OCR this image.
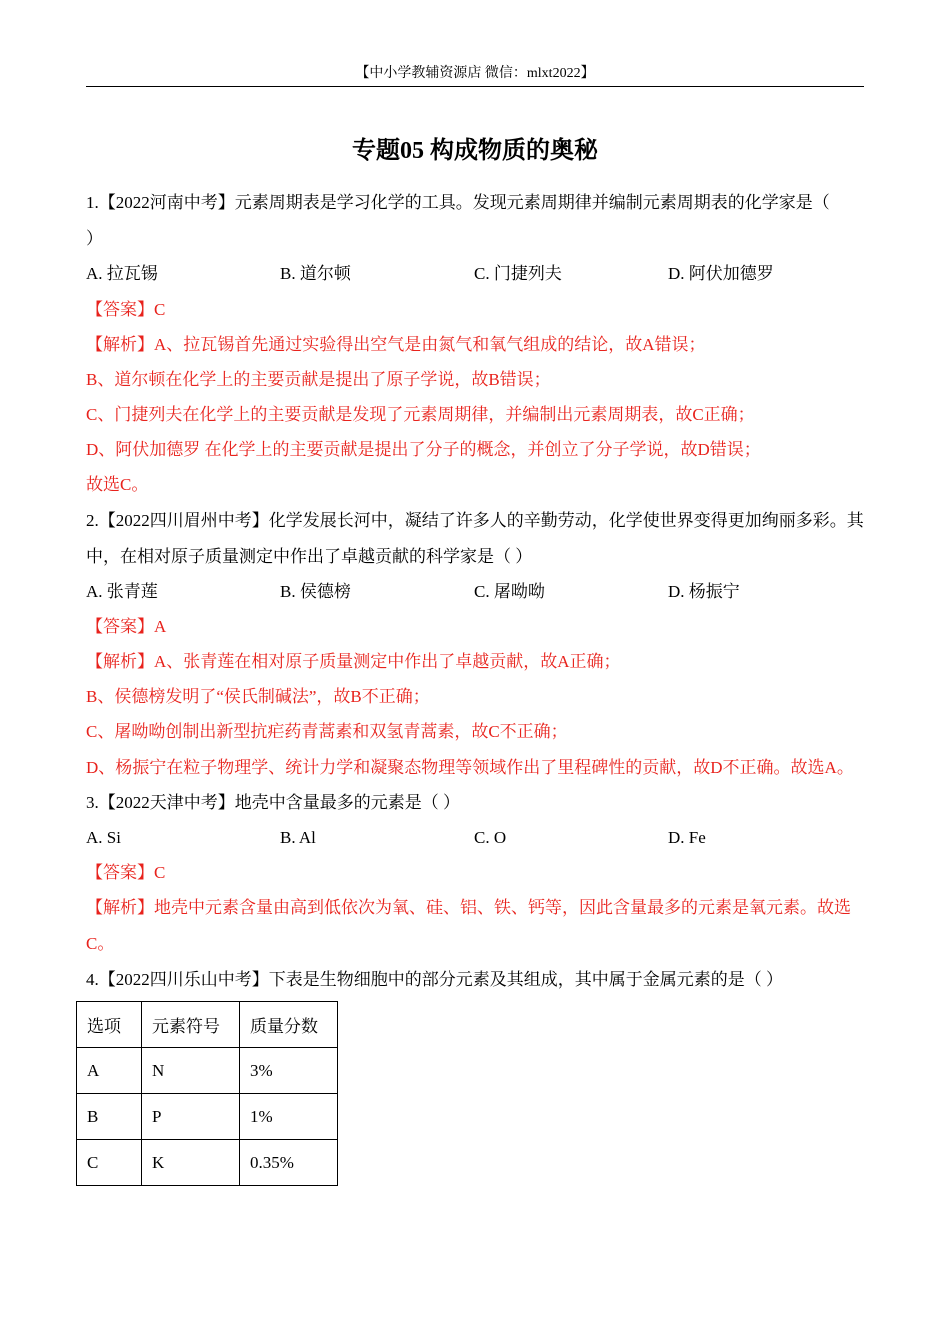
【中小学教辅资源店 微信：mlxt2022】
专题05 构成物质的奥秘
1.【2022河南中考】元素周期表是学习化学的工具。发现元素周期律并编制元素周期表的化学家是（
）
A. 拉瓦锡	B. 道尔顿	C. 门捷列夫	D. 阿伏加德罗
【答案】C
【解析】A、拉瓦锡首先通过实验得出空气是由氮气和氧气组成的结论，故A错误；
B、道尔顿在化学上的主要贡献是提出了原子学说，故B错误；
C、门捷列夫在化学上的主要贡献是发现了元素周期律，并编制出元素周期表，故C正确；
D、阿伏加德罗 在化学上的主要贡献是提出了分子的概念，并创立了分子学说，故D错误；
故选C。
2.【2022四川眉州中考】化学发展长河中，凝结了许多人的辛勤劳动，化学使世界变得更加绚丽多彩。其
中，在相对原子质量测定中作出了卓越贡献的科学家是（ ）
A. 张青莲	B. 侯德榜	C. 屠呦呦	D. 杨振宁
【答案】A
【解析】A、张青莲在相对原子质量测定中作出了卓越贡献，故A正确；
B、侯德榜发明了“侯氏制碱法”，故B不正确；
C、屠呦呦创制出新型抗疟药青蒿素和双氢青蒿素，故C不正确；
D、杨振宁在粒子物理学、统计力学和凝聚态物理等领域作出了里程碑性的贡献，故D不正确。故选A。
3.【2022天津中考】地壳中含量最多的元素是（ ）
A. Si	B. Al	C. O	D. Fe
【答案】C
【解析】地壳中元素含量由高到低依次为氧、硅、铝、铁、钙等，因此含量最多的元素是氧元素。故选
C。
4.【2022四川乐山中考】下表是生物细胞中的部分元素及其组成，其中属于金属元素的是（ ）
选项	元素符号	质量分数
A	N	3%
B	P	1%
C	K	0.35%
